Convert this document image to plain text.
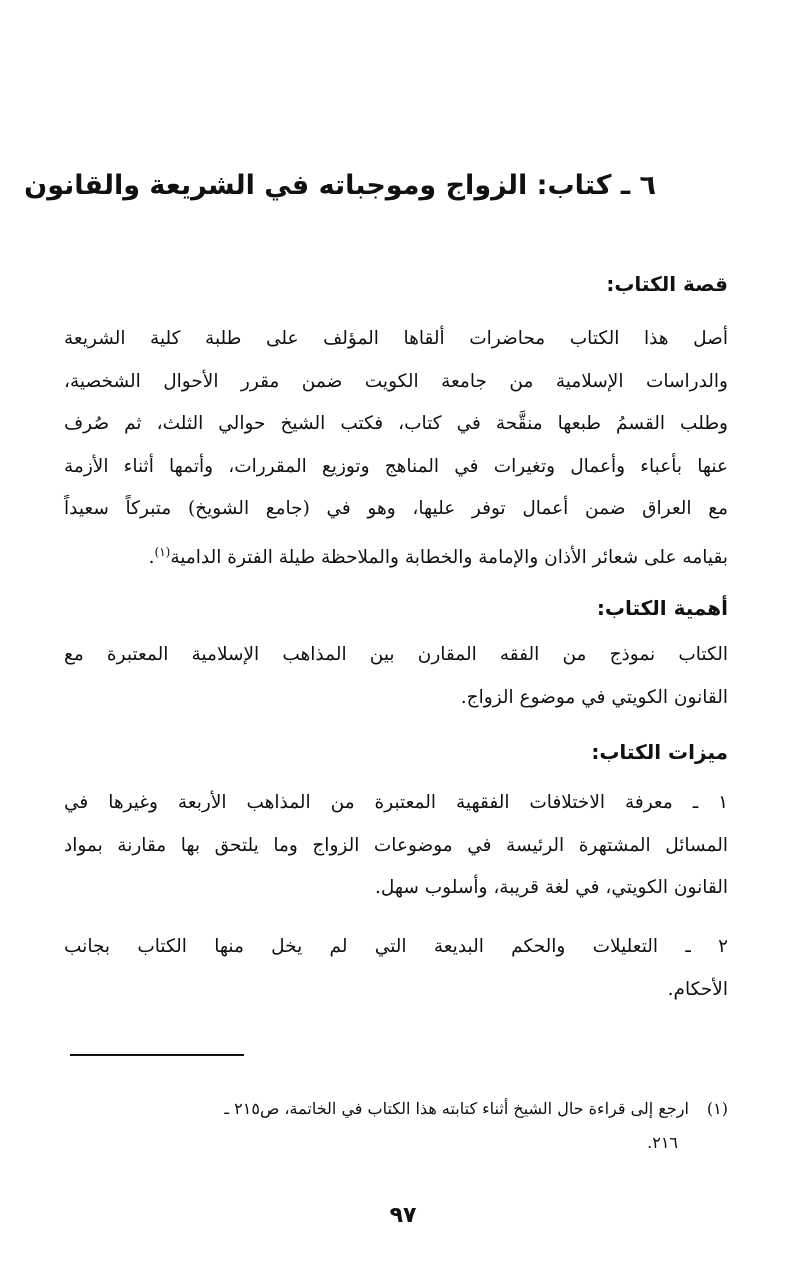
٦ ـ كتاب: الزواج وموجباته في الشريعة والقانون
قصة الكتاب:
أصل هذا الكتاب محاضرات ألقاها المؤلف على طلبة كلية الشريعة
والدراسات الإسلامية من جامعة الكويت ضمن مقرر الأحوال الشخصية،
وطلب القسمُ طبعها منقَّحة في كتاب، فكتب الشيخ حوالي الثلث، ثم صُرف
عنها بأعباء وأعمال وتغيرات في المناهج وتوزيع المقررات، وأتمها أثناء الأزمة
مع العراق ضمن أعمال توفر عليها، وهو في (جامع الشويخ) متبركاً سعيداً
بقيامه على شعائر الأذان والإمامة والخطابة والملاحظة طيلة الفترة الدامية$^{(١)}$.
أهمية الكتاب:
الكتاب نموذج من الفقه المقارن بين المذاهب الإسلامية المعتبرة مع
القانون الكويتي في موضوع الزواج.
ميزات الكتاب:
١ ـ معرفة الاختلافات الفقهية المعتبرة من المذاهب الأربعة وغيرها في
المسائل المشتهرة الرئيسة في موضوعات الزواج وما يلتحق بها مقارنة بمواد
القانون الكويتي، في لغة قريبة، وأسلوب سهل.
٢ ـ التعليلات والحكم البديعة التي لم يخل منها الكتاب بجانب
الأحكام.
(١)ارجع إلى قراءة حال الشيخ أثناء كتابته هذا الكتاب في الخاتمة، ص٢١٥ ـ
٢١٦.
٩٧
